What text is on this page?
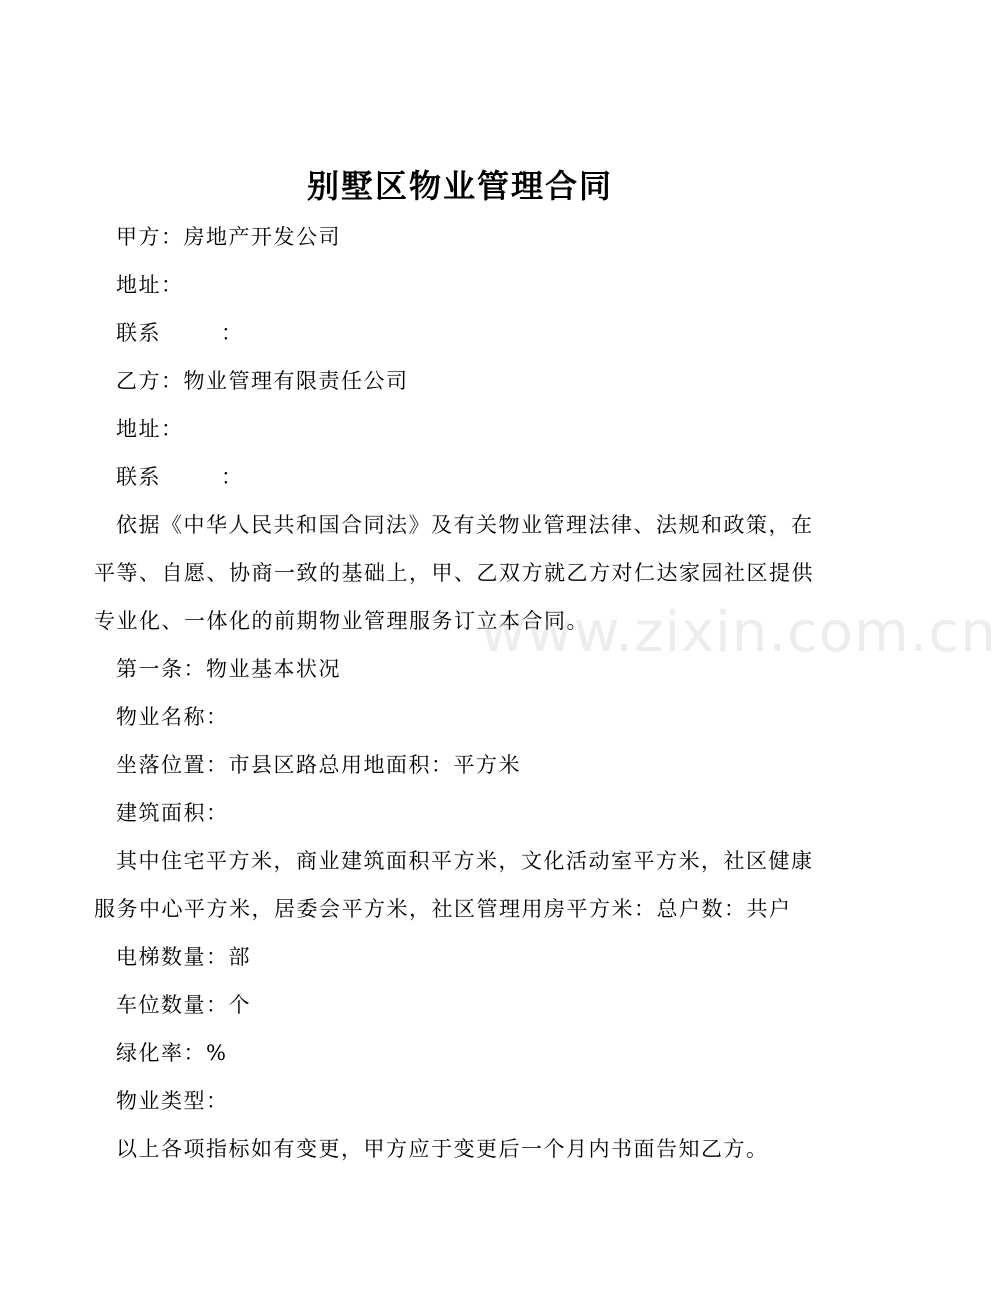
别墅区物业管理合同
甲方：房地产开发公司
地址：
联系	：
乙方：物业管理有限责任公司
地址：
联系	：
依据《中华人民共和国合同法》及有关物业管理法律、法规和政策，在
平等、自愿、协商一致的基础上，甲、乙双方就乙方对仁达家园社区提供
专业化、一体化的前期物业管理服务订立本合同。
第一条：物业基本状况
物业名称：
坐落位置：市县区路总用地面积：平方米
建筑面积：
其中住宅平方米，商业建筑面积平方米，文化活动室平方米，社区健康
服务中心平方米，居委会平方米，社区管理用房平方米：总户数：共户
电梯数量：部
车位数量：个
绿化率：%
物业类型：
以上各项指标如有变更，甲方应于变更后一个月内书面告知乙方。
www.zixin.com.cn
